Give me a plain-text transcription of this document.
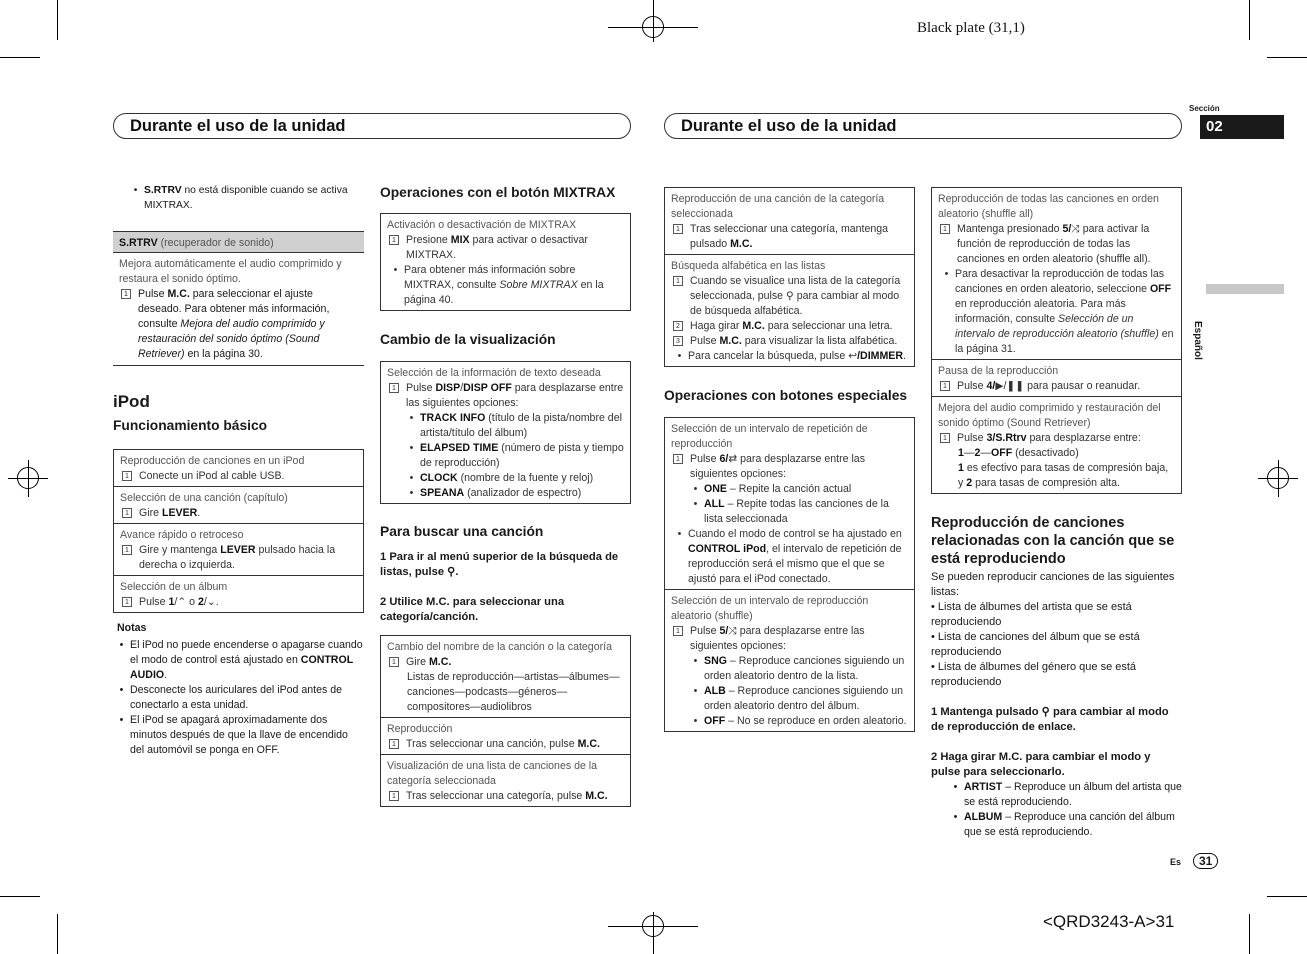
Black plate (31,1)
<QRD3243-A>31
Durante el uso de la unidad	Durante el uso de la unidad
Sección
02
Español
• S.RTRV no está disponible cuando se activa MIXTRAX.
S.RTRV (recuperador de sonido)
Mejora automáticamente el audio comprimido y restaura el sonido óptimo.
1 Pulse M.C. para seleccionar el ajuste deseado. Para obtener más información, consulte Mejora del audio comprimido y restauración del sonido óptimo (Sound Retriever) en la página 30.
iPod
Funcionamiento básico
Reproducción de canciones en un iPod
1 Conecte un iPod al cable USB.
Selección de una canción (capítulo)
1 Gire LEVER.
Avance rápido o retroceso
1 Gire y mantenga LEVER pulsado hacia la derecha o izquierda.
Selección de un álbum
1 Pulse 1/⌃ o 2/⌄.
Notas
• El iPod no puede encenderse o apagarse cuando el modo de control está ajustado en CONTROL AUDIO.
• Desconecte los auriculares del iPod antes de conectarlo a esta unidad.
• El iPod se apagará aproximadamente dos minutos después de que la llave de encendido del automóvil se ponga en OFF.
Operaciones con el botón MIXTRAX
Activación o desactivación de MIXTRAX
1 Presione MIX para activar o desactivar MIXTRAX.
• Para obtener más información sobre MIXTRAX, consulte Sobre MIXTRAX en la página 40.
Cambio de la visualización
Selección de la información de texto deseada
1 Pulse DISP/DISP OFF para desplazarse entre las siguientes opciones:
• TRACK INFO (título de la pista/nombre del artista/título del álbum)
• ELAPSED TIME (número de pista y tiempo de reproducción)
• CLOCK (nombre de la fuente y reloj)
• SPEANA (analizador de espectro)
Para buscar una canción
1 Para ir al menú superior de la búsqueda de listas, pulse ⚲.
2 Utilice M.C. para seleccionar una categoría/canción.
Cambio del nombre de la canción o la categoría
1 Gire M.C.
Listas de reproducción—artistas—álbumes—canciones—podcasts—géneros—compositores—audiolibros
Reproducción
1 Tras seleccionar una canción, pulse M.C.
Visualización de una lista de canciones de la categoría seleccionada
1 Tras seleccionar una categoría, pulse M.C.
Reproducción de una canción de la categoría seleccionada
1 Tras seleccionar una categoría, mantenga pulsado M.C.
Búsqueda alfabética en las listas
1 Cuando se visualice una lista de la categoría seleccionada, pulse ⚲ para cambiar al modo de búsqueda alfabética.
2 Haga girar M.C. para seleccionar una letra.
3 Pulse M.C. para visualizar la lista alfabética.
• Para cancelar la búsqueda, pulse ↩/DIMMER.
Operaciones con botones especiales
Selección de un intervalo de repetición de reproducción
1 Pulse 6/⇄ para desplazarse entre las siguientes opciones:
• ONE – Repite la canción actual
• ALL – Repite todas las canciones de la lista seleccionada
• Cuando el modo de control se ha ajustado en CONTROL iPod, el intervalo de repetición de reproducción será el mismo que el que se ajustó para el iPod conectado.
Selección de un intervalo de reproducción aleatorio (shuffle)
1 Pulse 5/⤨ para desplazarse entre las siguientes opciones:
• SNG – Reproduce canciones siguiendo un orden aleatorio dentro de la lista.
• ALB – Reproduce canciones siguiendo un orden aleatorio dentro del álbum.
• OFF – No se reproduce en orden aleatorio.
Reproducción de todas las canciones en orden aleatorio (shuffle all)
1 Mantenga presionado 5/⤨ para activar la función de reproducción de todas las canciones en orden aleatorio (shuffle all).
• Para desactivar la reproducción de todas las canciones en orden aleatorio, seleccione OFF en reproducción aleatoria. Para más información, consulte Selección de un intervalo de reproducción aleatorio (shuffle) en la página 31.
Pausa de la reproducción
1 Pulse 4/▶/❚❚ para pausar o reanudar.
Mejora del audio comprimido y restauración del sonido óptimo (Sound Retriever)
1 Pulse 3/S.Rtrv para desplazarse entre:
1—2—OFF (desactivado)
1 es efectivo para tasas de compresión baja, y 2 para tasas de compresión alta.
Reproducción de canciones relacionadas con la canción que se está reproduciendo
Se pueden reproducir canciones de las siguientes listas:
• Lista de álbumes del artista que se está reproduciendo
• Lista de canciones del álbum que se está reproduciendo
• Lista de álbumes del género que se está reproduciendo
1 Mantenga pulsado ⚲ para cambiar al modo de reproducción de enlace.
2 Haga girar M.C. para cambiar el modo y pulse para seleccionarlo.
• ARTIST – Reproduce un álbum del artista que se está reproduciendo.
• ALBUM – Reproduce una canción del álbum que se está reproduciendo.
Es	31
